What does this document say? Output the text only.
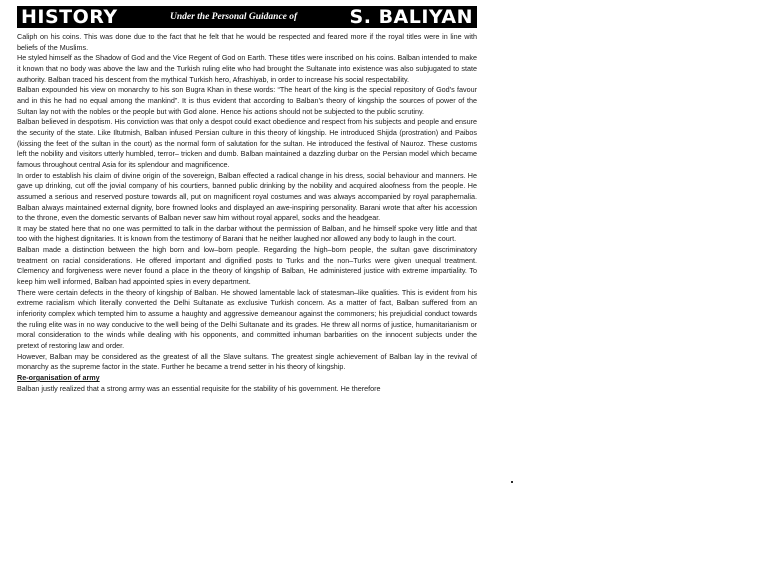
HISTORY	Under the Personal Guidance of	S. BALIYAN

Caliph on his coins. This was done due to the fact that he felt that he would be respected and feared more if the royal titles were in line with beliefs of the Muslims.

He styled himself as the Shadow of God and the Vice Regent of God on Earth. These titles were inscribed on his coins. Balban intended to make it known that no body was above the law and the Turkish ruling elite who had brought the Sultanate into existence was also subjugated to state authority. Balban traced his descent from the mythical Turkish hero, Afrashiyab, in order to increase his social respectability.

Balban expounded his view on monarchy to his son Bugra Khan in these words: “The heart of the king is the special repository of God’s favour and in this he had no equal among the mankind”. It is thus evident that according to Balban’s theory of kingship the sources of power of the Sultan lay not with the nobles or the people but with God alone. Hence his actions should not be subjected to the public scrutiny.

Balban believed in despotism. His conviction was that only a despot could exact obedience and respect from his subjects and people and ensure the security of the state. Like Iltutmish, Balban infused Persian culture in this theory of kingship. He introduced Shijda (prostration) and Paibos (kissing the feet of the sultan in the court) as the normal form of salutation for the sultan. He introduced the festival of Nauroz. These customs left the nobility and visitors utterly humbled, terror– tricken and dumb. Balban maintained a dazzling durbar on the Persian model which became famous throughout central Asia for its splendour and magnificence.

In order to establish his claim of divine origin of the sovereign, Balban effected a radical change in his dress, social behaviour and manners. He gave up drinking, cut off the jovial company of his courtiers, banned public drinking by the nobility and acquired aloofness from the people. He assumed a serious and reserved posture towards all, put on magnificent royal costumes and was always accompanied by royal paraphernalia. Balban always maintained external dignity, bore frowned looks and displayed an awe-inspiring personality. Barani wrote that after his accession to the throne, even the domestic servants of Balban never saw him without royal apparel, socks and the headgear.

It may be stated here that no one was permitted to talk in the darbar without the permission of Balban, and he himself spoke very little and that too with the highest dignitaries. It is known from the testimony of Barani that he neither laughed nor allowed any body to laugh in the court.

Balban made a distinction between the high born and low–born people. Regarding the high–born people, the sultan gave discriminatory treatment on racial considerations. He offered important and dignified posts to Turks and the non–Turks were given unequal treatment. Clemency and forgiveness were never found a place in the theory of kingship of Balban, He administered justice with extreme impartiality. To keep him well informed, Balban had appointed spies in every department.

There were certain defects in the theory of kingship of Balban. He showed lamentable lack of statesman–like qualities. This is evident from his extreme racialism which literally converted the Delhi Sultanate as exclusive Turkish concern. As a matter of fact, Balban suffered from an inferiority complex which tempted him to assume a haughty and aggressive demeanour against the commoners; his prejudicial conduct towards the ruling elite was in no way conducive to the well being of the Delhi Sultanate and its grades. He threw all norms of justice, humanitarianism or moral consideration to the winds while dealing with his opponents, and committed inhuman barbarities on the innocent subjects under the pretext of restoring law and order.

However, Balban may be considered as the greatest of all the Slave sultans. The greatest single achievement of Balban lay in the revival of monarchy as the supreme factor in the state. Further he became a trend setter in his theory of kingship.

Re-organisation of army

Balban justly realized that a strong army was an essential requisite for the stability of his government. He therefore
